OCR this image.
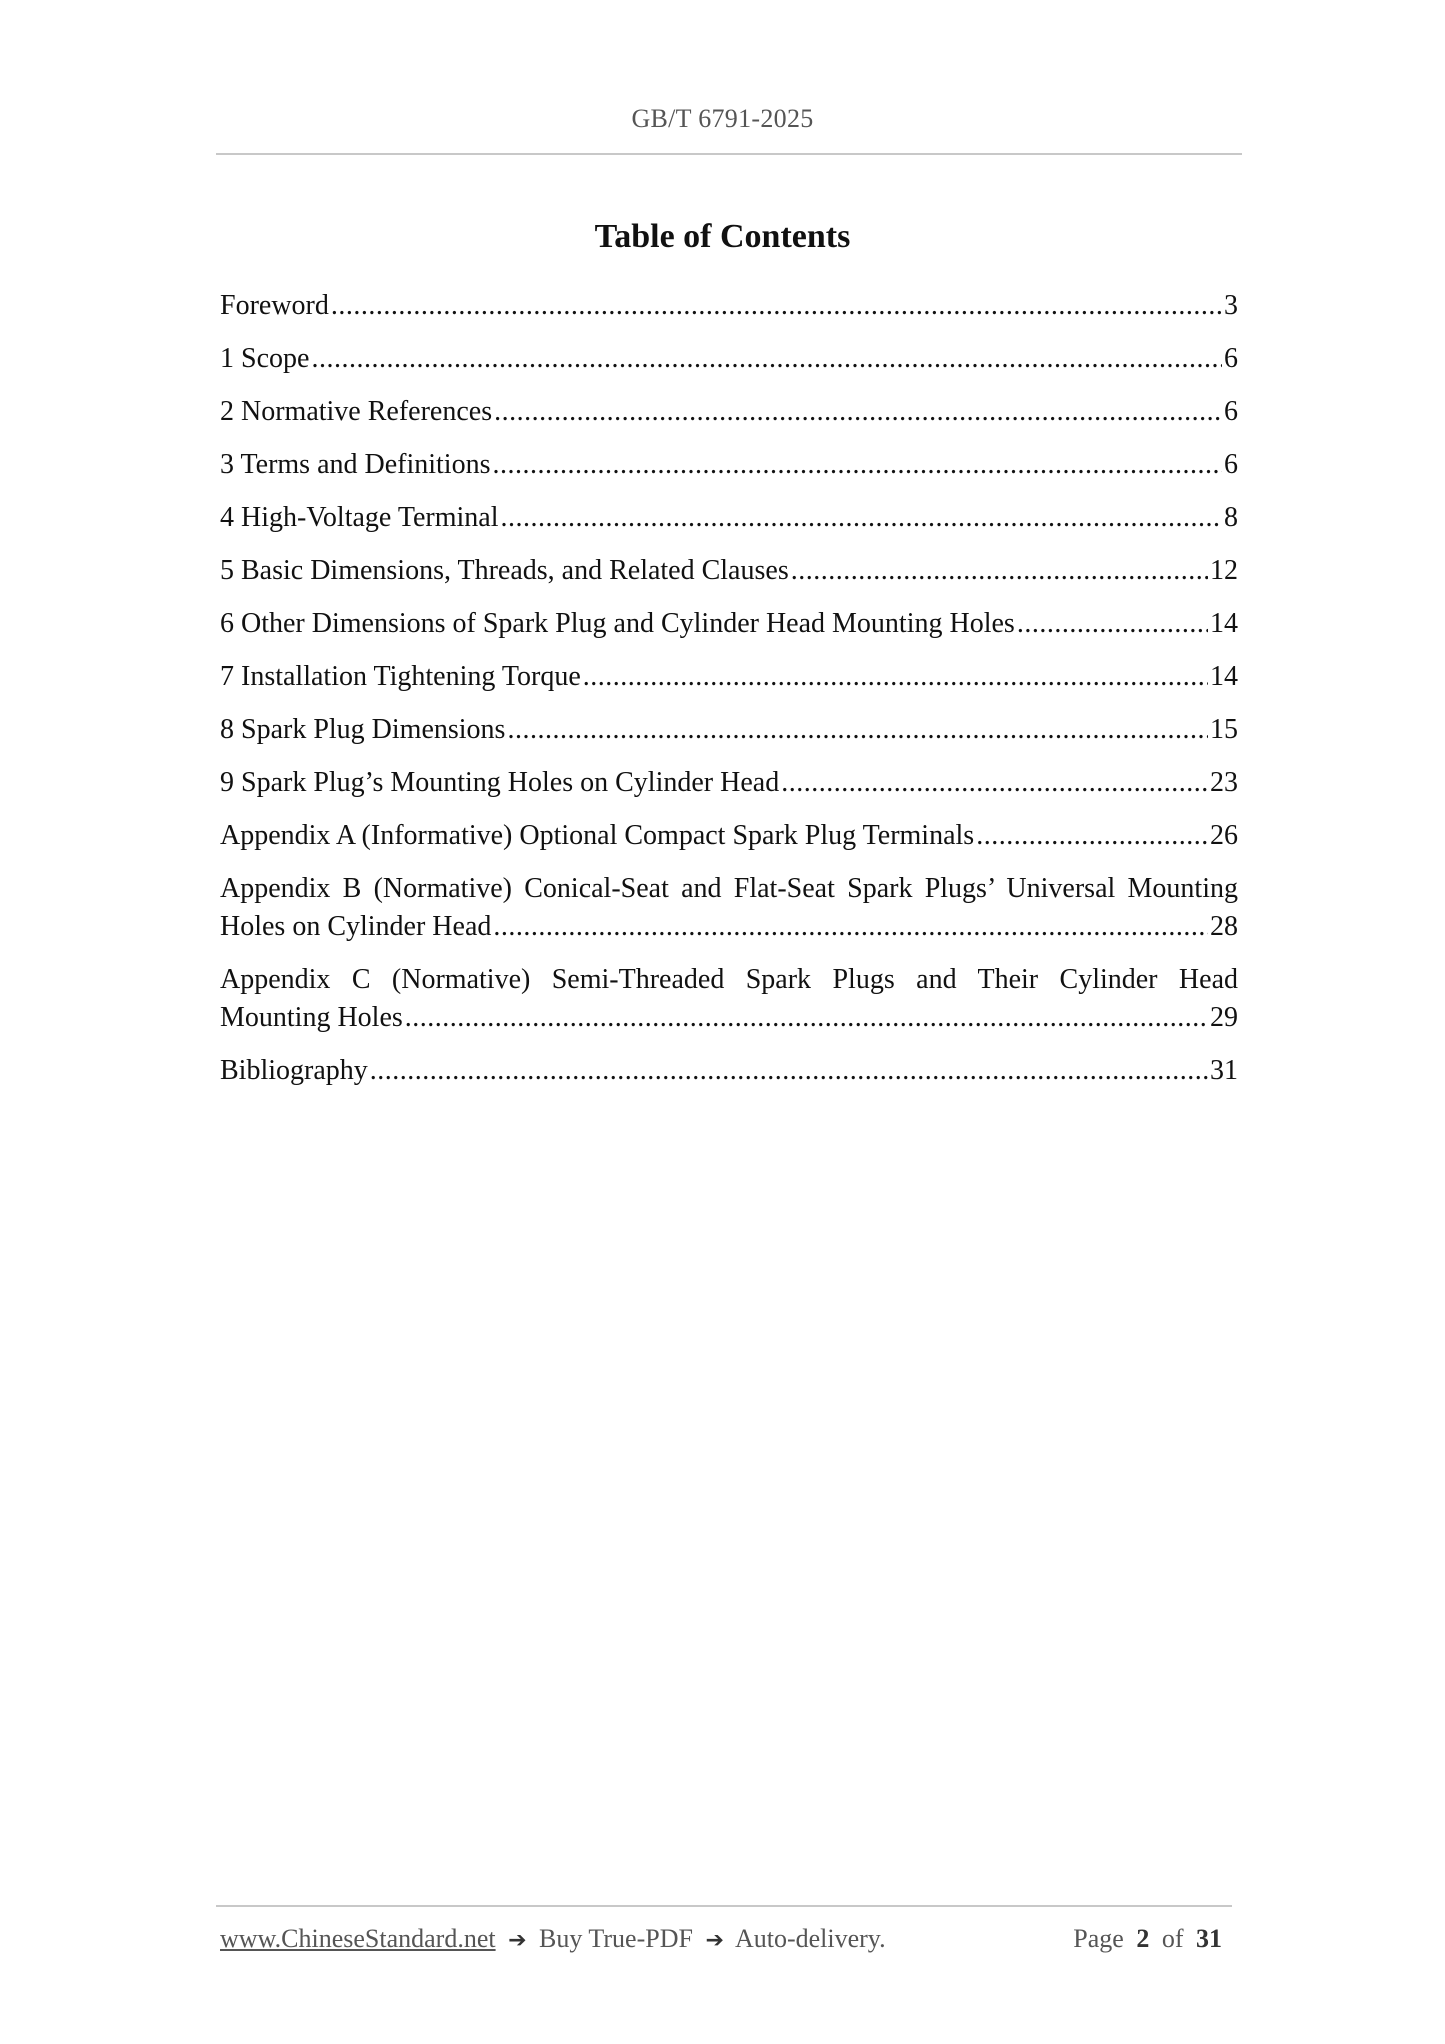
GB/T 6791-2025
Table of Contents
Foreword .....	3
1 Scope .....	6
2 Normative References .....	6
3 Terms and Definitions .....	6
4 High-Voltage Terminal .....	8
5 Basic Dimensions, Threads, and Related Clauses .....	12
6 Other Dimensions of Spark Plug and Cylinder Head Mounting Holes .....	14
7 Installation Tightening Torque .....	14
8 Spark Plug Dimensions .....	15
9 Spark Plug’s Mounting Holes on Cylinder Head .....	23
Appendix A (Informative) Optional Compact Spark Plug Terminals .....	26
Appendix B (Normative) Conical-Seat and Flat-Seat Spark Plugs’ Universal Mounting
Holes on Cylinder Head .....	28
Appendix C (Normative) Semi-Threaded Spark Plugs and Their Cylinder Head
Mounting Holes .....	29
Bibliography .....	31
www.ChineseStandard.net ➔ Buy True-PDF ➔ Auto-delivery.	Page 2 of 31
